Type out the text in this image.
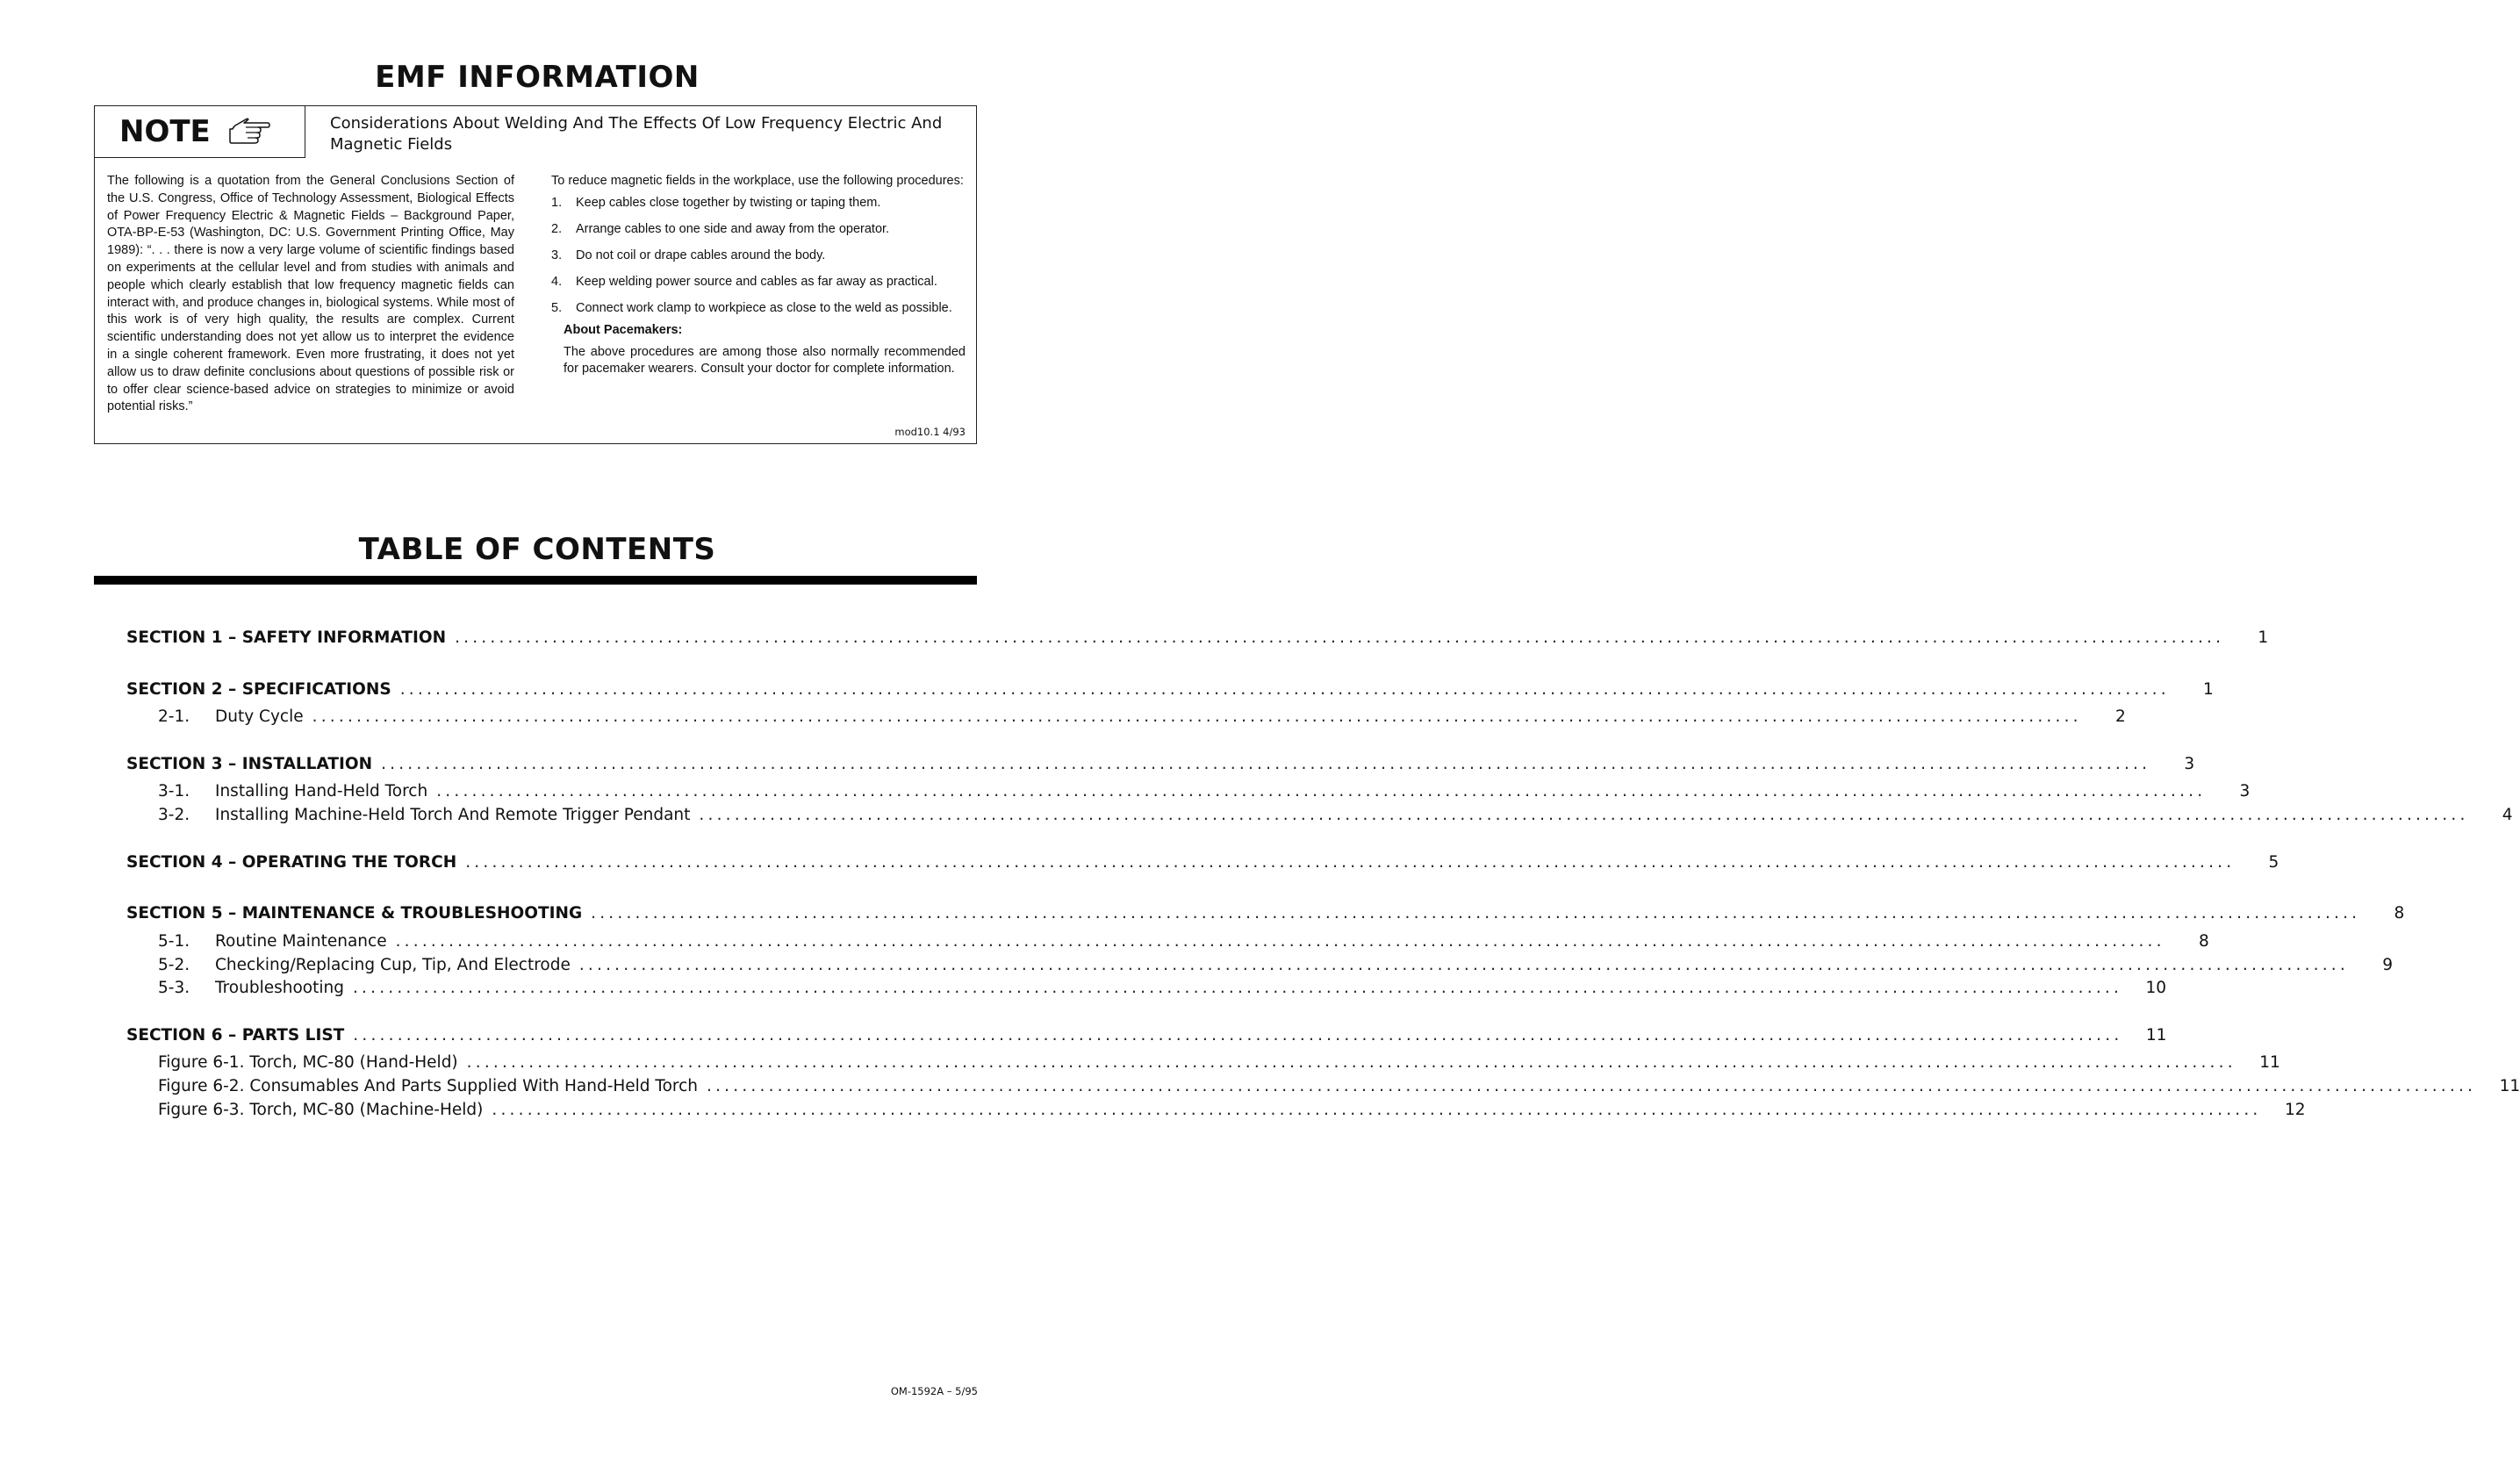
EMF INFORMATION
NOTE	Considerations About Welding And The Effects Of Low Frequency Electric And Magnetic Fields
The following is a quotation from the General Conclusions Section of the U.S. Congress, Office of Technology Assessment, Biological Effects of Power Frequency Electric & Magnetic Fields – Background Paper, OTA-BP-E-53 (Washington, DC: U.S. Government Printing Office, May 1989): “. . . there is now a very large volume of scientific findings based on experiments at the cellular level and from studies with animals and people which clearly establish that low frequency magnetic fields can interact with, and produce changes in, biological systems. While most of this work is of very high quality, the results are complex. Current scientific understanding does not yet allow us to interpret the evidence in a single coherent framework. Even more frustrating, it does not yet allow us to draw definite conclusions about questions of possible risk or to offer clear science-based advice on strategies to minimize or avoid potential risks.”

To reduce magnetic fields in the workplace, use the following procedures:

1. Keep cables close together by twisting or taping them.
2. Arrange cables to one side and away from the operator.
3. Do not coil or drape cables around the body.
4. Keep welding power source and cables as far away as practical.
5. Connect work clamp to workpiece as close to the weld as possible.

About Pacemakers:

The above procedures are among those also normally recommended for pacemaker wearers. Consult your doctor for complete information.

mod10.1 4/93
TABLE OF CONTENTS
SECTION 1 – SAFETY INFORMATION ........................................................................................................................................................................................................	1
SECTION 2 – SPECIFICATIONS ........................................................................................................................................................................................................	1
2-1. Duty Cycle ........................................................................................................................................................................................................	2
SECTION 3 – INSTALLATION ........................................................................................................................................................................................................	3
3-1. Installing Hand-Held Torch ........................................................................................................................................................................................................	3
3-2. Installing Machine-Held Torch And Remote Trigger Pendant ........................................................................................................................................................................................................	4
SECTION 4 – OPERATING THE TORCH ........................................................................................................................................................................................................	5
SECTION 5 – MAINTENANCE & TROUBLESHOOTING ........................................................................................................................................................................................................	8
5-1. Routine Maintenance ........................................................................................................................................................................................................	8
5-2. Checking/Replacing Cup, Tip, And Electrode ........................................................................................................................................................................................................	9
5-3. Troubleshooting ........................................................................................................................................................................................................	10
SECTION 6 – PARTS LIST ........................................................................................................................................................................................................	11
Figure 6-1. Torch, MC-80 (Hand-Held) ........................................................................................................................................................................................................	11
Figure 6-2. Consumables And Parts Supplied With Hand-Held Torch ........................................................................................................................................................................................................	11
Figure 6-3. Torch, MC-80 (Machine-Held) ........................................................................................................................................................................................................	12
OM-1592A – 5/95
